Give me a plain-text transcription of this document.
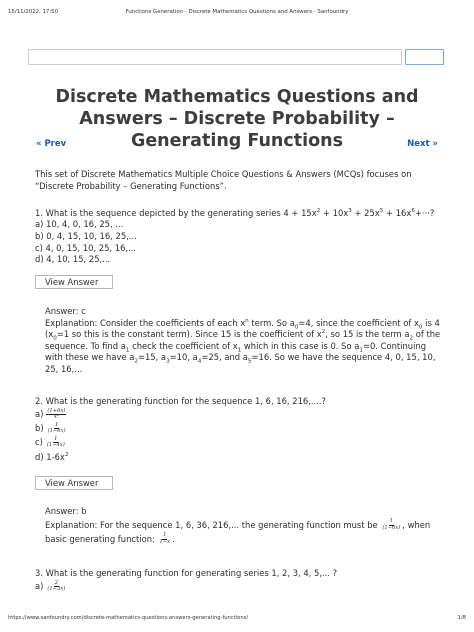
15/11/2022, 17:50	Functions Generation - Discrete Mathematics Questions and Answers - Sanfoundry
Discrete Mathematics Questions and Answers – Discrete Probability – Generating Functions
« Prev	Next »
This set of Discrete Mathematics Multiple Choice Questions & Answers (MCQs) focuses on “Discrete Probability – Generating Functions”.
1. What is the sequence depicted by the generating series $4 + 15x^2 + 10x^3 + 25x^5 + 16x^6+\cdot\cdot\cdot$?
a) 10, 4, 0, 16, 25, ...
b) 0, 4, 15, 10, 16, 25,...
c) 4, 0, 15, 10, 25, 16,...
d) 4, 10, 15, 25,...
View Answer

Answer: c

Explanation: Consider the coefficients of each $x^n$ term. So $a_0=4$, since the coefficient of $x_0$ is 4 ($x_0=1$ so this is the constant term). Since 15 is the coefficient of $x^2$, so 15 is the term $a_2$ of the sequence. To find $a_1$ check the coefficient of $x_1$ which in this case is 0. So $a_1=0$. Continuing with these we have $a_2=15$, $a_3=10$, $a_4=25$, and $a_5=16$. So we have the sequence 4, 0, 15, 10, 25, 16,...

2. What is the generating function for the sequence 1, 6, 16, 216,....?
$a) \frac{(1+6x)}{\text{x³}}$
$b) \frac{1}{(1-6x)}$
$c) \frac{1}{(1-4x)}$
d) $1-6x^2$
View Answer

Answer: b

Explanation: For the sequence 1, 6, 36, 216,... the generating function must be $\frac{1}{(1-6x)}$ , when basic generating function: $\frac{1}{1-x}$ .

3. What is the generating function for generating series 1, 2, 3, 4, 5,... ?
$a) \frac{2}{(1-3x)}$
https://www.sanfoundry.com/discrete-mathematics-questions-answers-generating-functions/	1/8
